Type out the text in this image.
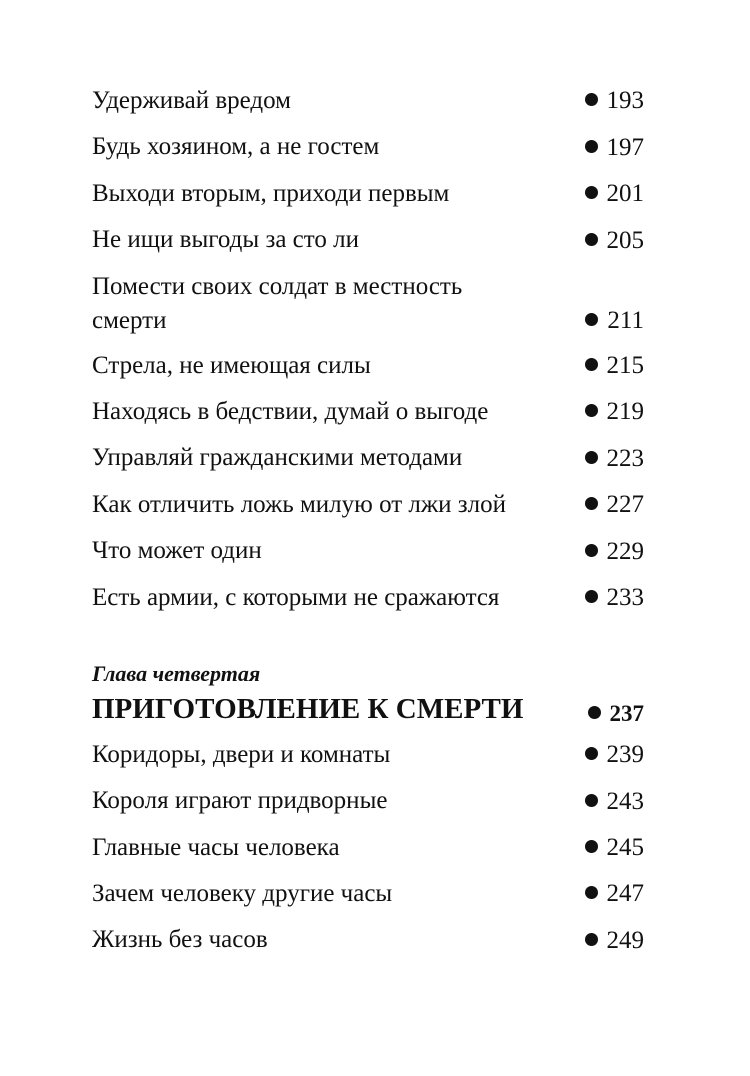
Удерживай вредом	193
Будь хозяином, а не гостем	197
Выходи вторым, приходи первым	201
Не ищи выгоды за сто ли	205
Помести своих солдат в местность смерти	211
Стрела, не имеющая силы	215
Находясь в бедствии, думай о выгоде	219
Управляй гражданскими методами	223
Как отличить ложь милую от лжи злой	227
Что может один	229
Есть армии, с которыми не сражаются	233
Глава четвертая
ПРИГОТОВЛЕНИЕ К СМЕРТИ	237
Коридоры, двери и комнаты	239
Короля играют придворные	243
Главные часы человека	245
Зачем человеку другие часы	247
Жизнь без часов	249
